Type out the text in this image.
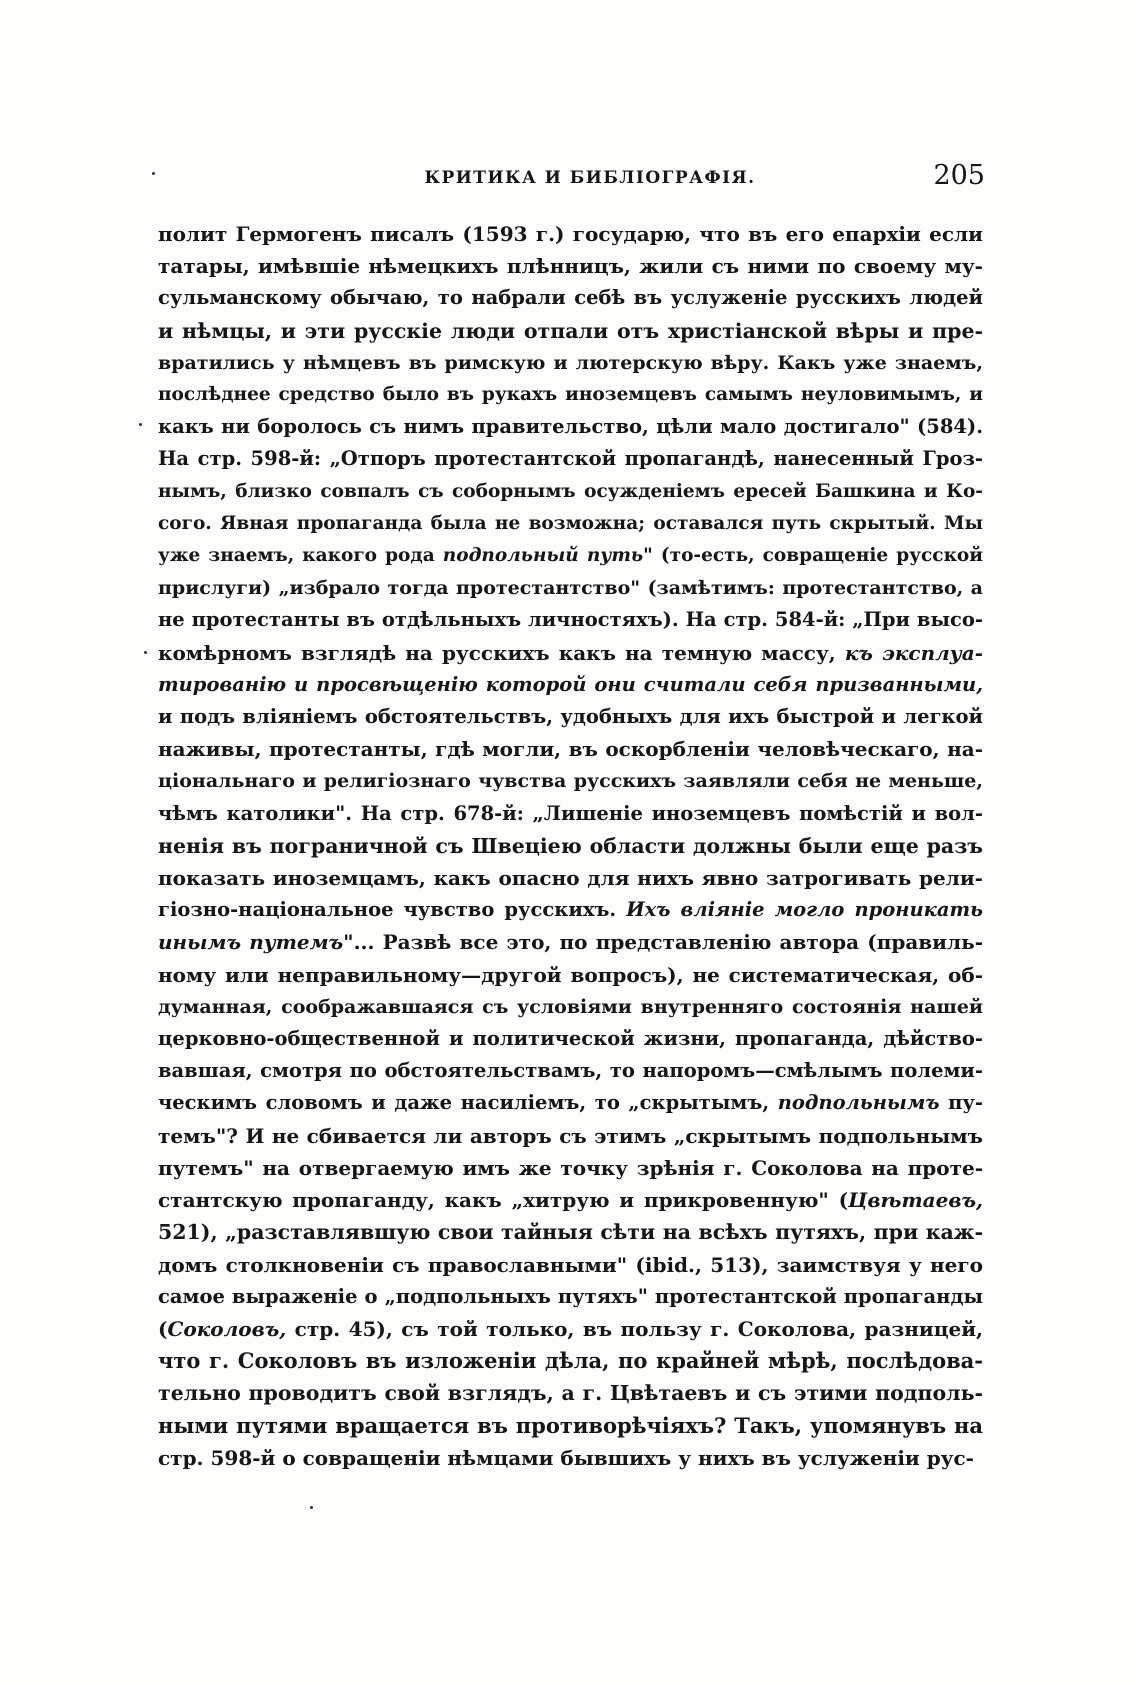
КРИТИКА И БИБЛІОГРАФІЯ.	205
полит Гермогенъ писалъ (1593 г.) государю, что въ его епархіи если
татары, имѣвшіе нѣмецкихъ плѣнницъ, жили съ ними по своему му-
сульманскому обычаю, то набрали себѣ въ услуженіе русскихъ людей
и нѣмцы, и эти русскіе люди отпали отъ христіанской вѣры и пре-
вратились у нѣмцевъ въ римскую и лютерскую вѣру. Какъ уже знаемъ,
послѣднее средство было въ рукахъ иноземцевъ самымъ неуловимымъ, и
какъ ни боролось съ нимъ правительство, цѣли мало достигало" (584).
На стр. 598-й: „Отпоръ протестантской пропагандѣ, нанесенный Гроз-
нымъ, близко совпалъ съ соборнымъ осужденіемъ ересей Башкина и Ко-
сого. Явная пропаганда была не возможна; оставался путь скрытый. Мы
уже знаемъ, какого рода подпольный путь" (то-есть, совращеніе русской
прислуги) „избрало тогда протестантство" (замѣтимъ: протестантство, а
не протестанты въ отдѣльныхъ личностяхъ). На стр. 584-й: „При высо-
комѣрномъ взглядѣ на русскихъ какъ на темную массу, къ эксплуа-
тированію и просвѣщенію которой они считали себя призванными,
и подъ вліяніемъ обстоятельствъ, удобныхъ для ихъ быстрой и легкой
наживы, протестанты, гдѣ могли, въ оскорбленіи человѣческаго, на-
ціональнаго и религіознаго чувства русскихъ заявляли себя не меньше,
чѣмъ католики". На стр. 678-й: „Лишеніе иноземцевъ помѣстій и вол-
ненія въ пограничной съ Швеціею области должны были еще разъ
показать иноземцамъ, какъ опасно для нихъ явно затрогивать рели-
гіозно-національное чувство русскихъ. Ихъ вліяніе могло проникать
инымъ путемъ"... Развѣ все это, по представленію автора (правиль-
ному или неправильному—другой вопросъ), не систематическая, об-
думанная, соображавшаяся съ условіями внутренняго состоянія нашей
церковно-общественной и политической жизни, пропаганда, дѣйство-
вавшая, смотря по обстоятельствамъ, то напоромъ—смѣлымъ полеми-
ческимъ словомъ и даже насиліемъ, то „скрытымъ, подпольнымъ пу-
темъ"? И не сбивается ли авторъ съ этимъ „скрытымъ подпольнымъ
путемъ" на отвергаемую имъ же точку зрѣнія г. Соколова на проте-
стантскую пропаганду, какъ „хитрую и прикровенную" (Цвѣтаевъ,
521), „разставлявшую свои тайныя сѣти на всѣхъ путяхъ, при каж-
домъ столкновеніи съ православными" (ibid., 513), заимствуя у него
самое выраженіе о „подпольныхъ путяхъ" протестантской пропаганды
(Соколовъ, стр. 45), съ той только, въ пользу г. Соколова, разницей,
что г. Соколовъ въ изложеніи дѣла, по крайней мѣрѣ, послѣдова-
тельно проводитъ свой взглядъ, а г. Цвѣтаевъ и съ этими подполь-
ными путями вращается въ противорѣчіяхъ? Такъ, упомянувъ на
стр. 598-й о совращеніи нѣмцами бывшихъ у нихъ въ услуженіи рус-
